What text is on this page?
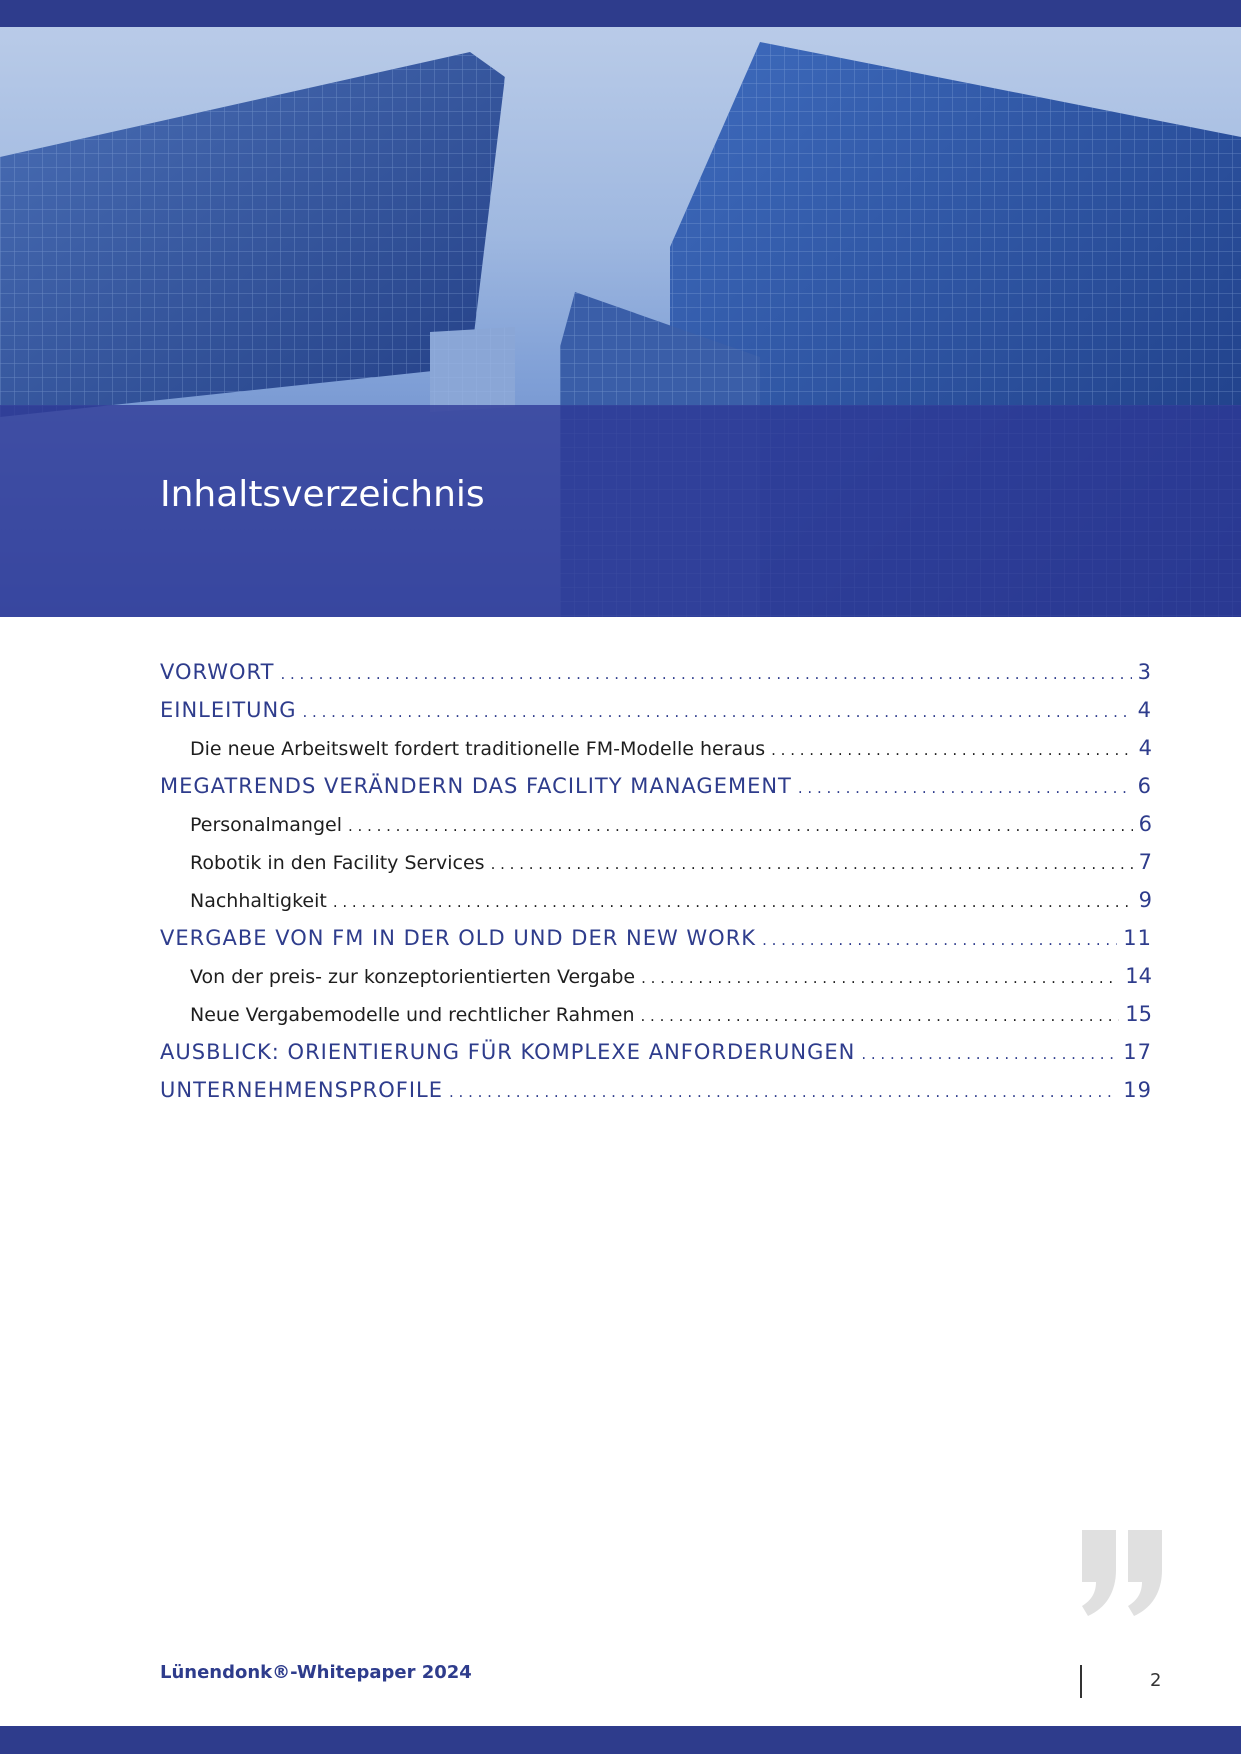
Inhaltsverzeichnis
VORWORT . . .	3
EINLEITUNG . . .	4
Die neue Arbeitswelt fordert traditionelle FM-Modelle heraus . . .	4
MEGATRENDS VERÄNDERN DAS FACILITY MANAGEMENT . . .	6
Personalmangel . . .	6
Robotik in den Facility Services . . .	7
Nachhaltigkeit . . .	9
VERGABE VON FM IN DER OLD UND DER NEW WORK . . .	11
Von der preis- zur konzeptorientierten Vergabe . . .	14
Neue Vergabemodelle und rechtlicher Rahmen . . .	15
AUSBLICK: ORIENTIERUNG FÜR KOMPLEXE ANFORDERUNGEN . . .	17
UNTERNEHMENSPROFILE . . .	19
Lünendonk®-Whitepaper 2024	2
